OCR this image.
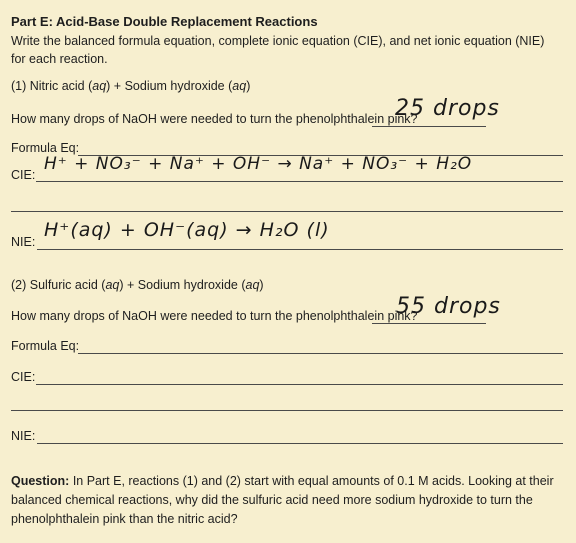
Part E: Acid-Base Double Replacement Reactions
Write the balanced formula equation, complete ionic equation (CIE), and net ionic equation (NIE) for each reaction.
(1) Nitric acid (aq) + Sodium hydroxide (aq)
How many drops of NaOH were needed to turn the phenolphthalein pink?
25 drops
Formula Eq:
CIE:
H⁺ + NO₃⁻ + Na⁺ + OH⁻ → Na⁺ + NO₃⁻ + H₂O
NIE:
H⁺(aq) + OH⁻(aq) → H₂O (l)
(2) Sulfuric acid (aq) + Sodium hydroxide (aq)
How many drops of NaOH were needed to turn the phenolphthalein pink?
55 drops
Formula Eq:
CIE:
NIE:
Question: In Part E, reactions (1) and (2) start with equal amounts of 0.1 M acids. Looking at their balanced chemical reactions, why did the sulfuric acid need more sodium hydroxide to turn the phenolphthalein pink than the nitric acid?
